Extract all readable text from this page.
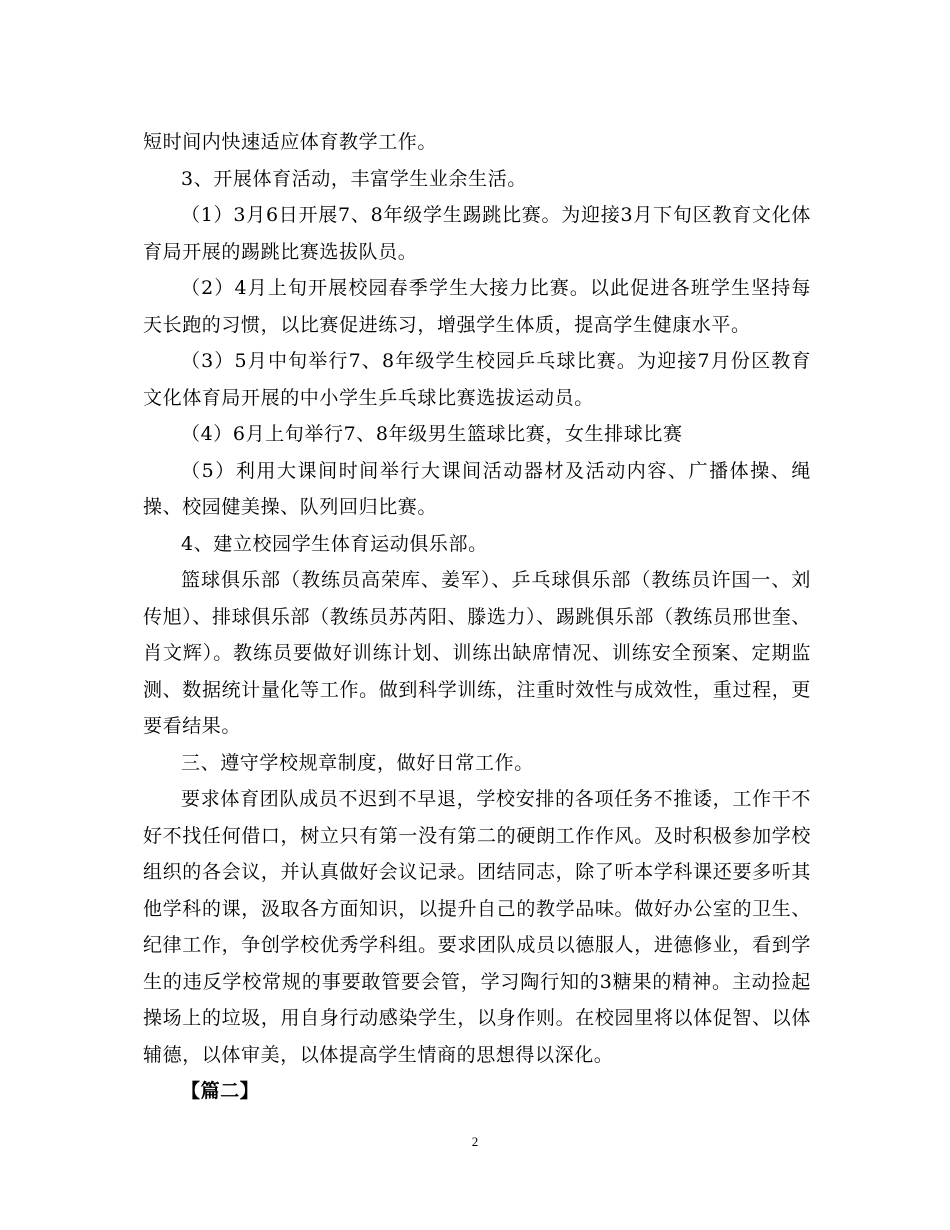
短时间内快速适应体育教学工作。

3、开展体育活动，丰富学生业余生活。

（1）3月6日开展7、8年级学生踢跳比赛。为迎接3月下旬区教育文化体育局开展的踢跳比赛选拔队员。

（2）4月上旬开展校园春季学生大接力比赛。以此促进各班学生坚持每天长跑的习惯，以比赛促进练习，增强学生体质，提高学生健康水平。

（3）5月中旬举行7、8年级学生校园乒乓球比赛。为迎接7月份区教育文化体育局开展的中小学生乒乓球比赛选拔运动员。

（4）6月上旬举行7、8年级男生篮球比赛，女生排球比赛

（5）利用大课间时间举行大课间活动器材及活动内容、广播体操、绳操、校园健美操、队列回归比赛。

4、建立校园学生体育运动俱乐部。

篮球俱乐部（教练员高荣库、姜军）、乒乓球俱乐部（教练员许国一、刘传旭）、排球俱乐部（教练员苏芮阳、滕选力）、踢跳俱乐部（教练员邢世奎、肖文辉）。教练员要做好训练计划、训练出缺席情况、训练安全预案、定期监测、数据统计量化等工作。做到科学训练，注重时效性与成效性，重过程，更要看结果。

三、遵守学校规章制度，做好日常工作。

要求体育团队成员不迟到不早退，学校安排的各项任务不推诿，工作干不好不找任何借口，树立只有第一没有第二的硬朗工作作风。及时积极参加学校组织的各会议，并认真做好会议记录。团结同志，除了听本学科课还要多听其他学科的课，汲取各方面知识，以提升自己的教学品味。做好办公室的卫生、纪律工作，争创学校优秀学科组。要求团队成员以德服人，进德修业，看到学生的违反学校常规的事要敢管要会管，学习陶行知的3糖果的精神。主动捡起操场上的垃圾，用自身行动感染学生，以身作则。在校园里将以体促智、以体辅德，以体审美，以体提高学生情商的思想得以深化。

【篇二】

2
